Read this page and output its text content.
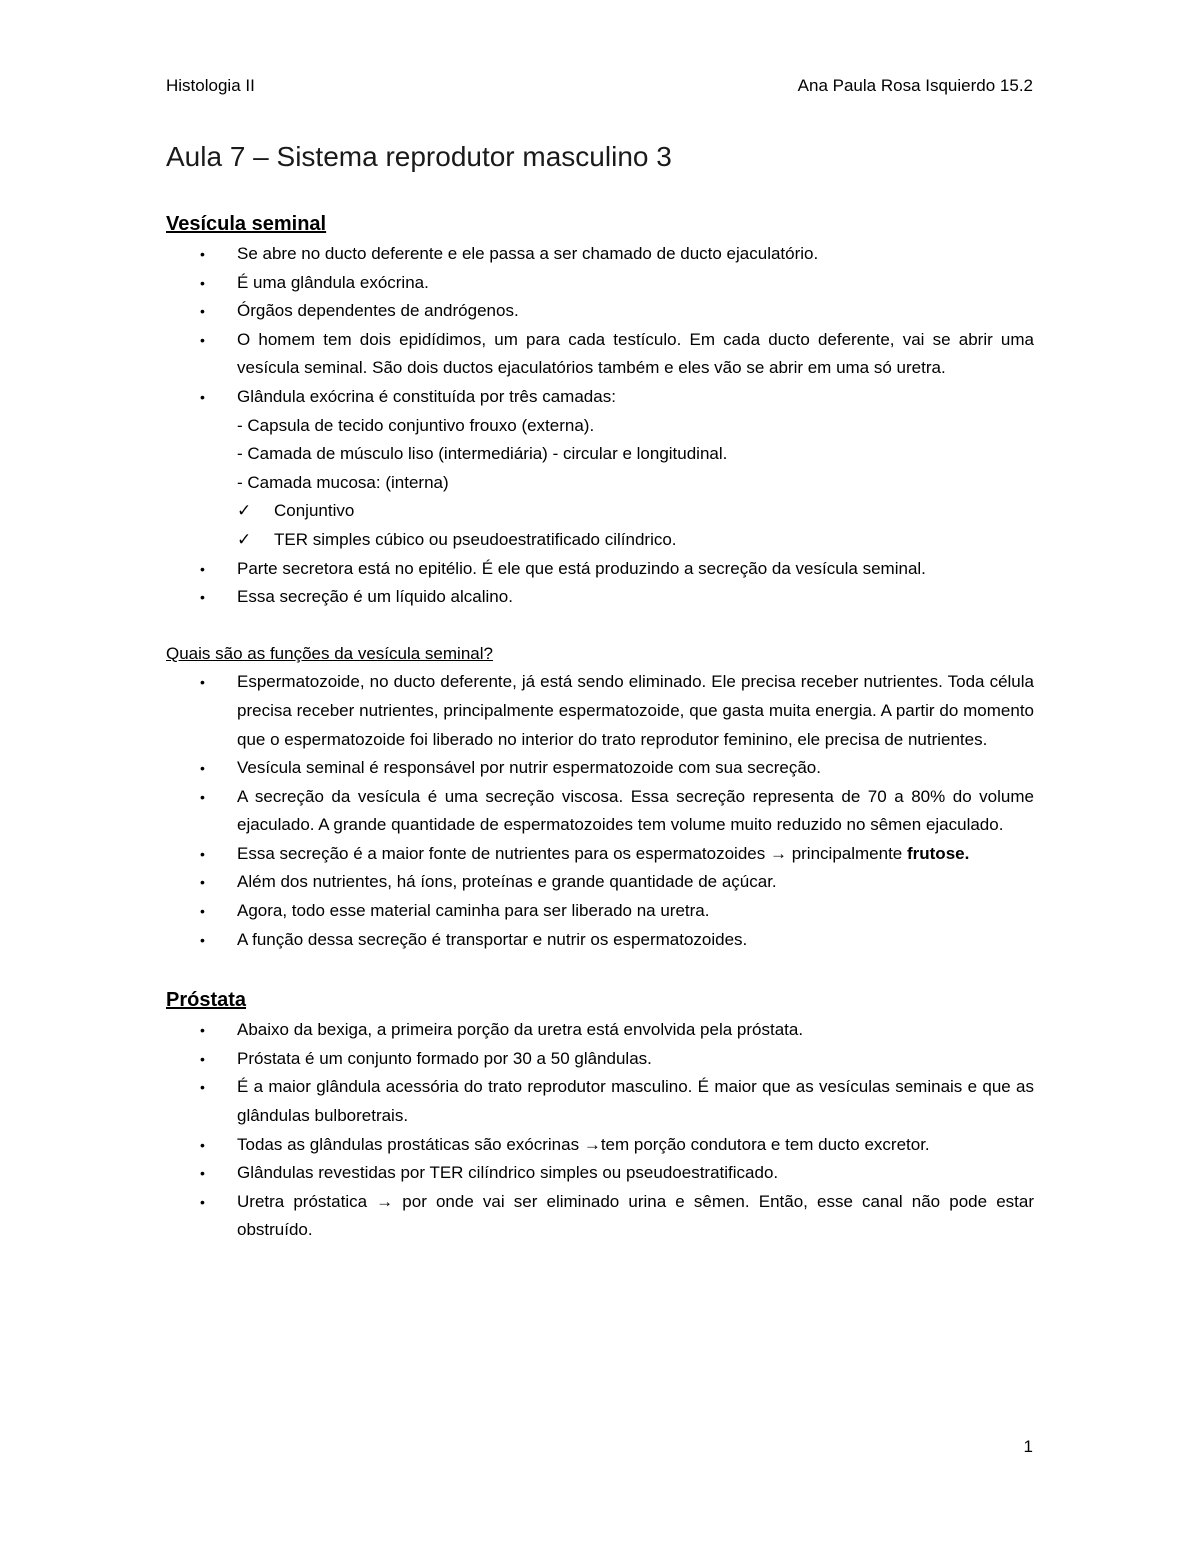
Histologia II	Ana Paula Rosa Isquierdo 15.2
Aula 7 – Sistema reprodutor masculino 3
Vesícula seminal
• Se abre no ducto deferente e ele passa a ser chamado de ducto ejaculatório.
• É uma glândula exócrina.
• Órgãos dependentes de andrógenos.
• O homem tem dois epidídimos, um para cada testículo. Em cada ducto deferente, vai se abrir uma vesícula seminal. São dois ductos ejaculatórios também e eles vão se abrir em uma só uretra.
• Glândula exócrina é constituída por três camadas:
- Capsula de tecido conjuntivo frouxo (externa).
- Camada de músculo liso (intermediária) - circular e longitudinal.
- Camada mucosa: (interna)
✓ Conjuntivo
✓ TER simples cúbico ou pseudoestratificado cilíndrico.
• Parte secretora está no epitélio. É ele que está produzindo a secreção da vesícula seminal.
• Essa secreção é um líquido alcalino.
Quais são as funções da vesícula seminal?
• Espermatozoide, no ducto deferente, já está sendo eliminado. Ele precisa receber nutrientes. Toda célula precisa receber nutrientes, principalmente espermatozoide, que gasta muita energia. A partir do momento que o espermatozoide foi liberado no interior do trato reprodutor feminino, ele precisa de nutrientes.
• Vesícula seminal é responsável por nutrir espermatozoide com sua secreção.
• A secreção da vesícula é uma secreção viscosa. Essa secreção representa de 70 a 80% do volume ejaculado. A grande quantidade de espermatozoides tem volume muito reduzido no sêmen ejaculado.
• Essa secreção é a maior fonte de nutrientes para os espermatozoides → principalmente frutose.
• Além dos nutrientes, há íons, proteínas e grande quantidade de açúcar.
• Agora, todo esse material caminha para ser liberado na uretra.
• A função dessa secreção é transportar e nutrir os espermatozoides.
Próstata
• Abaixo da bexiga, a primeira porção da uretra está envolvida pela próstata.
• Próstata é um conjunto formado por 30 a 50 glândulas.
• É a maior glândula acessória do trato reprodutor masculino. É maior que as vesículas seminais e que as glândulas bulboretrais.
• Todas as glândulas prostáticas são exócrinas →tem porção condutora e tem ducto excretor.
• Glândulas revestidas por TER cilíndrico simples ou pseudoestratificado.
• Uretra próstatica → por onde vai ser eliminado urina e sêmen. Então, esse canal não pode estar obstruído.
1
